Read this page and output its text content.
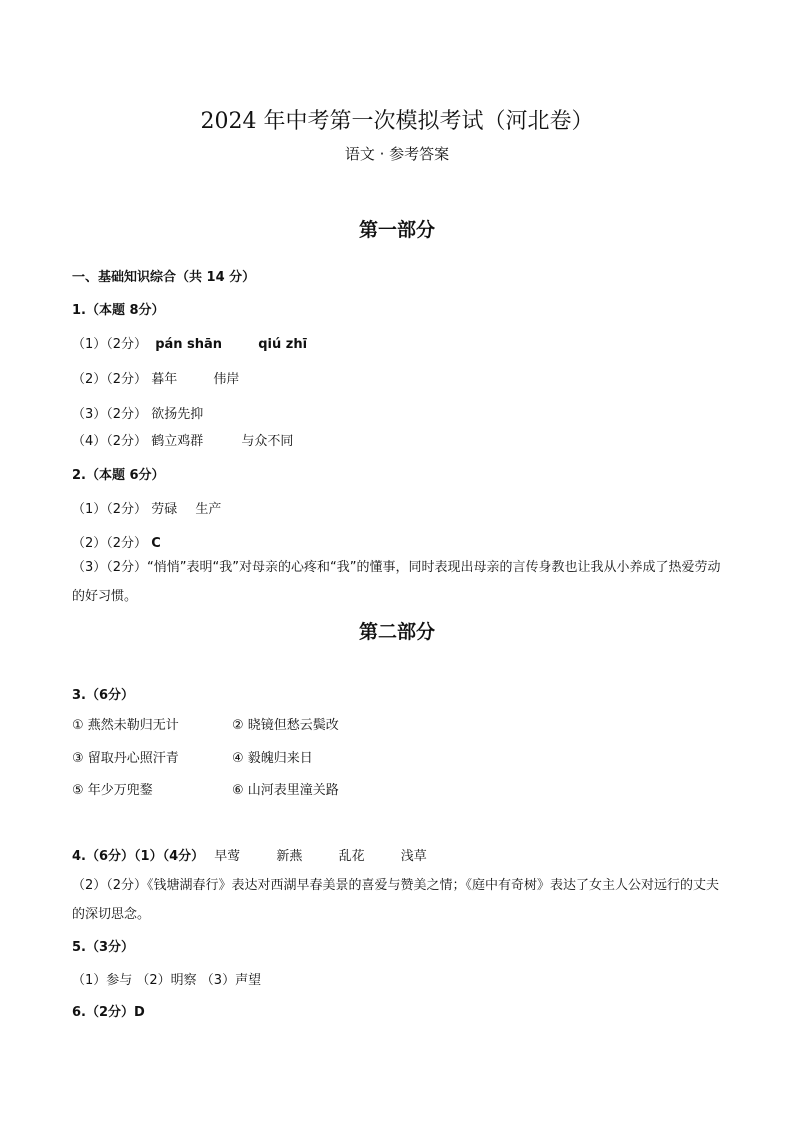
2024 年中考第一次模拟考试（河北卷）
语文 · 参考答案
第一部分
一、基础知识综合（共 14 分）
1.（本题 8分）
（1）（2分） pán shān	qiú zhī
（2）（2分） 暮年	伟岸
（3）（2分） 欲扬先抑
（4）（2分） 鹤立鸡群	与众不同
2.（本题 6分）
（1）（2分） 劳碌 生产
（2）（2分） C
（3）（2分）“悄悄”表明“我”对母亲的心疼和“我”的懂事，同时表现出母亲的言传身教也让我从小养成了热爱劳动的好习惯。
第二部分
3.（6分）
① 燕然未勒归无计	② 晓镜但愁云鬓改
③ 留取丹心照汗青	④ 毅魄归来日
⑤ 年少万兜鍪	⑥ 山河表里潼关路
4.（6分）（1）（4分） 早莺	新燕	乱花	浅草
（2）（2分）《钱塘湖春行》表达对西湖早春美景的喜爱与赞美之情；《庭中有奇树》表达了女主人公对远行的丈夫的深切思念。
5.（3分）
（1）参与 （2）明察 （3）声望
6.（2分）D
